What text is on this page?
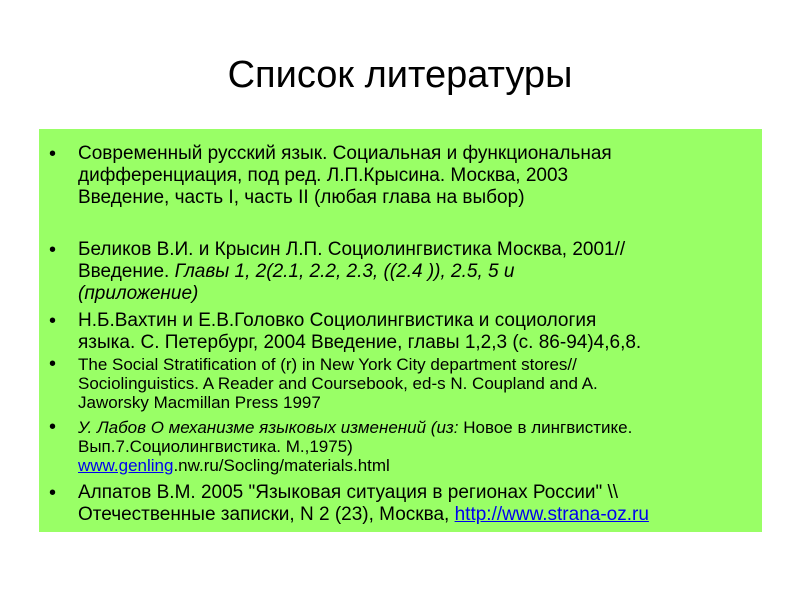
Список литературы
• Современный русский язык. Социальная и функциональная
дифференциация, под ред. Л.П.Крысина. Москва, 2003
Введение, часть I, часть II (любая глава на выбор)
• Беликов В.И. и Крысин Л.П. Социолингвистика Москва, 2001//
Введение. Главы 1, 2(2.1, 2.2, 2.3, ((2.4 )), 2.5, 5 и
(приложение)
• Н.Б.Вахтин и Е.В.Головко Социолингвистика и социология
языка. С. Петербург, 2004 Введение, главы 1,2,3 (с. 86-94)4,6,8.
• The Social Stratification of (r) in New York City department stores//
Sociolinguistics. A Reader and Coursebook, ed-s N. Coupland and A.
Jaworsky Macmillan Press 1997
• У. Лабов О механизме языковых изменений (из: Новое в лингвистике.
Вып.7.Социолингвистика. М.,1975)
www.genling.nw.ru/Socling/materials.html
• Алпатов В.М. 2005 "Языковая ситуация в регионах России" \\
Отечественные записки, N 2 (23), Москва, http://www.strana-oz.ru
